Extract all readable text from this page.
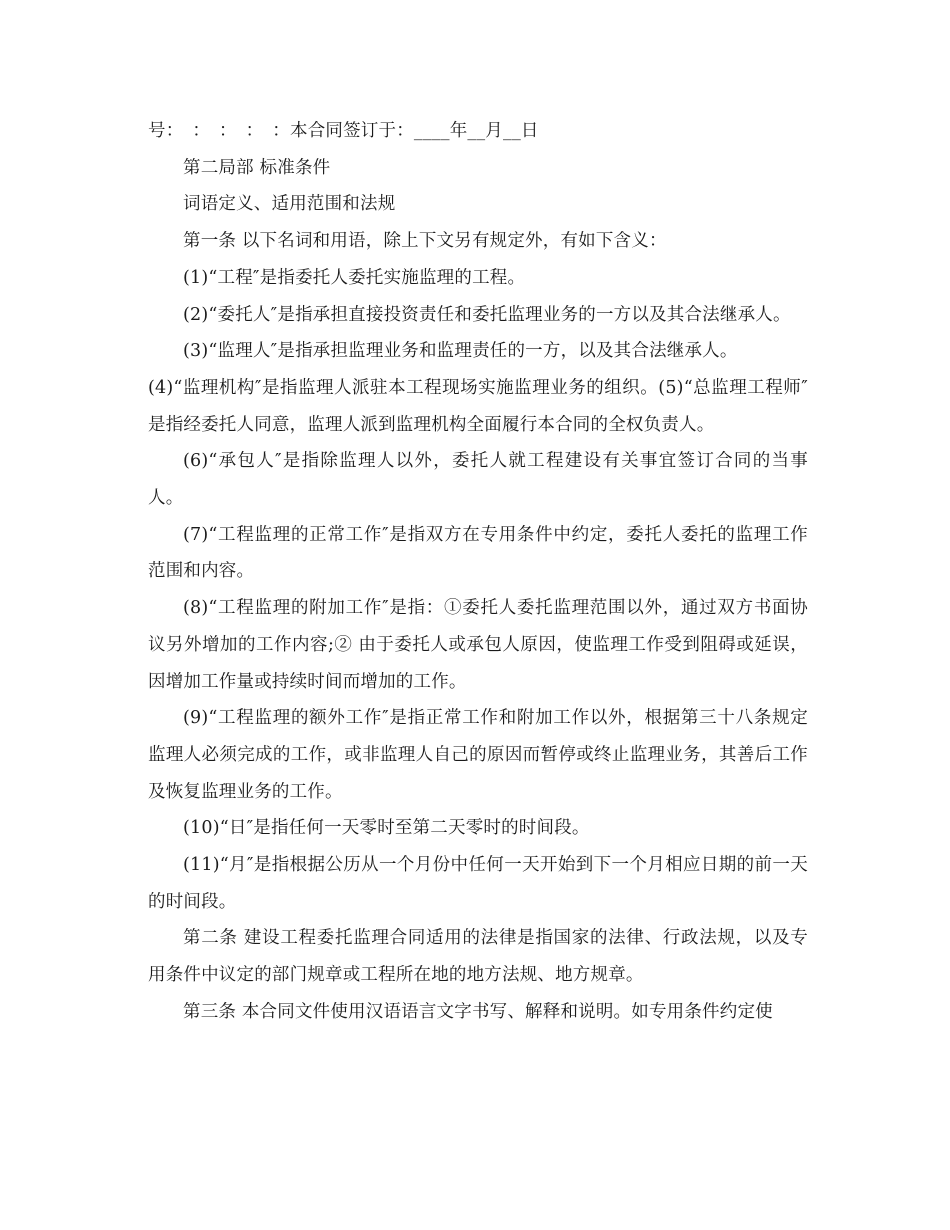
号：　：　：　：　：本合同签订于：____年__月__日

第二局部 标准条件

词语定义、适用范围和法规

第一条 以下名词和用语，除上下文另有规定外，有如下含义：

(1)“工程″是指委托人委托实施监理的工程。

(2)“委托人″是指承担直接投资责任和委托监理业务的一方以及其合法继承人。

(3)“监理人″是指承担监理业务和监理责任的一方，以及其合法继承人。

(4)“监理机构″是指监理人派驻本工程现场实施监理业务的组织。(5)“总监理工程师″是指经委托人同意，监理人派到监理机构全面履行本合同的全权负责人。

(6)“承包人″是指除监理人以外，委托人就工程建设有关事宜签订合同的当事人。

(7)“工程监理的正常工作″是指双方在专用条件中约定，委托人委托的监理工作范围和内容。

(8)“工程监理的附加工作″是指：①委托人委托监理范围以外，通过双方书面协议另外增加的工作内容;② 由于委托人或承包人原因，使监理工作受到阻碍或延误，因增加工作量或持续时间而增加的工作。

(9)“工程监理的额外工作″是指正常工作和附加工作以外，根据第三十八条规定监理人必须完成的工作，或非监理人自己的原因而暂停或终止监理业务，其善后工作及恢复监理业务的工作。

(10)“日″是指任何一天零时至第二天零时的时间段。

(11)“月″是指根据公历从一个月份中任何一天开始到下一个月相应日期的前一天的时间段。

第二条 建设工程委托监理合同适用的法律是指国家的法律、行政法规，以及专用条件中议定的部门规章或工程所在地的地方法规、地方规章。

第三条 本合同文件使用汉语语言文字书写、解释和说明。如专用条件约定使
